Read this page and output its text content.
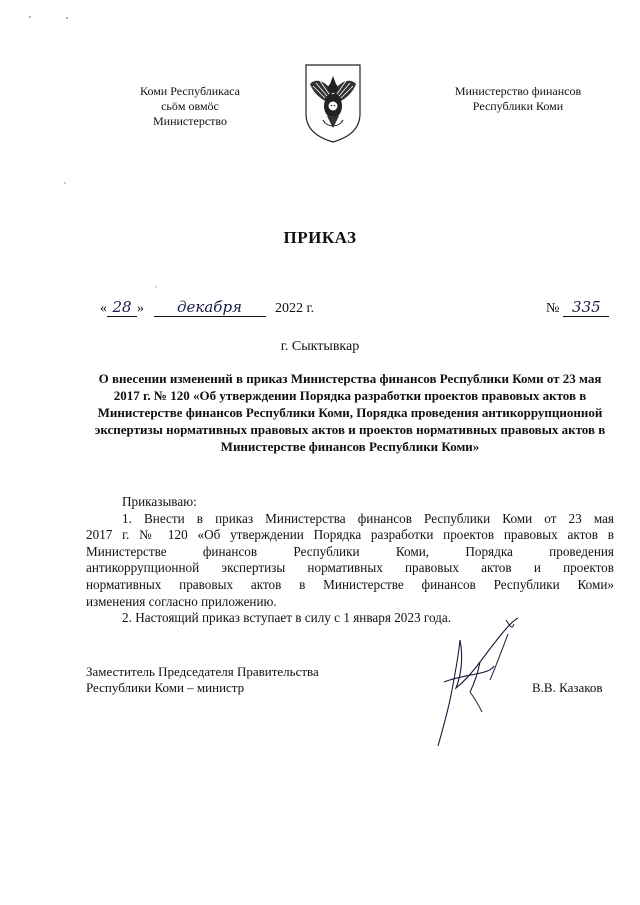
Коми Республикаса
сьӧм овмӧс
Министерство
Министерство финансов
Республики Коми
ПРИКАЗ
« 28 » декабря 2022 г.	№ 335
г. Сыктывкар
О внесении изменений в приказ Министерства финансов Республики Коми от 23 мая 2017 г. № 120 «Об утверждении Порядка разработки проектов правовых актов в Министерстве финансов Республики Коми, Порядка проведения антикоррупционной экспертизы нормативных правовых актов и проектов нормативных правовых актов в Министерстве финансов Республики Коми»

Приказываю:

1. Внести в приказ Министерства финансов Республики Коми от 23 мая

2017 г. № 120 «Об утверждении Порядка разработки проектов правовых актов в

Министерстве финансов Республики Коми, Порядка проведения

антикоррупционной экспертизы нормативных правовых актов и проектов

нормативных правовых актов в Министерстве финансов Республики Коми»

изменения согласно приложению.

2. Настоящий приказ вступает в силу с 1 января 2023 года.

Заместитель Председателя Правительства
Республики Коми – министр	В.В. Казаков
